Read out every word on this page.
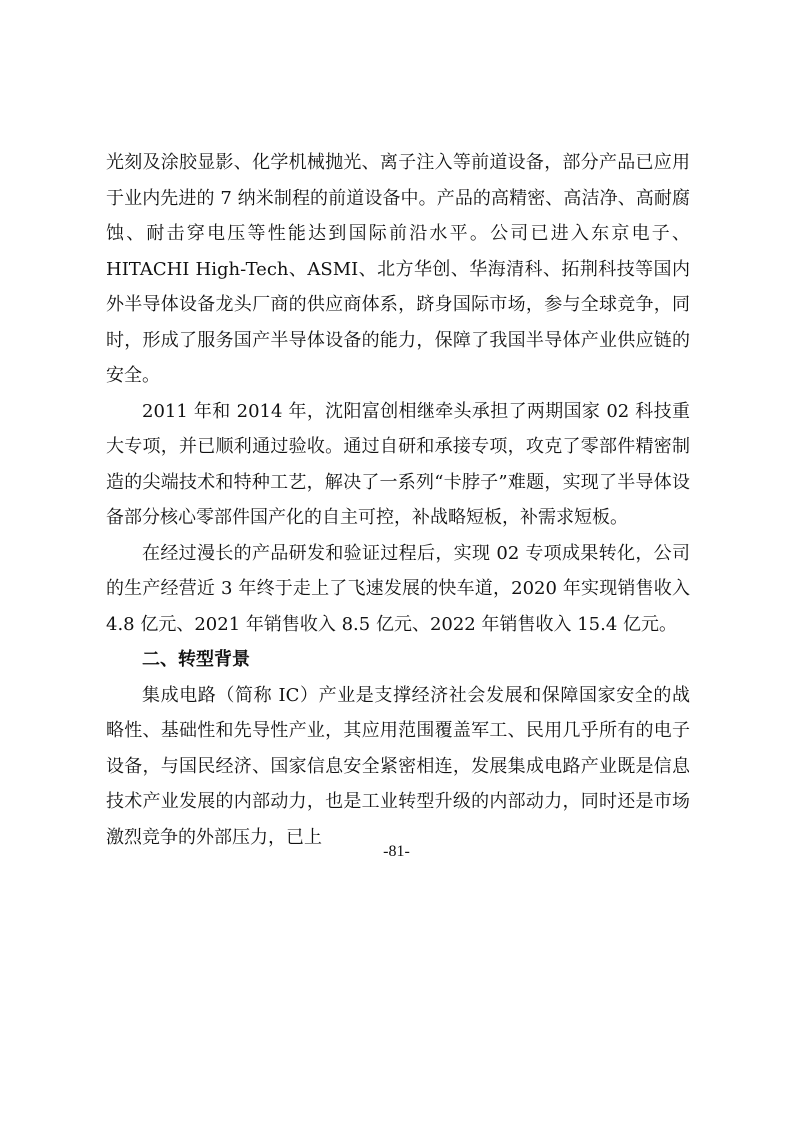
光刻及涂胶显影、化学机械抛光、离子注入等前道设备，部分产品已应用于业内先进的 7 纳米制程的前道设备中。产品的高精密、高洁净、高耐腐蚀、耐击穿电压等性能达到国际前沿水平。公司已进入东京电子、HITACHI High-Tech、ASMI、北方华创、华海清科、拓荆科技等国内外半导体设备龙头厂商的供应商体系，跻身国际市场，参与全球竞争，同时，形成了服务国产半导体设备的能力，保障了我国半导体产业供应链的安全。

2011 年和 2014 年，沈阳富创相继牵头承担了两期国家 02 科技重大专项，并已顺利通过验收。通过自研和承接专项，攻克了零部件精密制造的尖端技术和特种工艺，解决了一系列“卡脖子”难题，实现了半导体设备部分核心零部件国产化的自主可控，补战略短板，补需求短板。

在经过漫长的产品研发和验证过程后，实现 02 专项成果转化，公司的生产经营近 3 年终于走上了飞速发展的快车道，2020 年实现销售收入 4.8 亿元、2021 年销售收入 8.5 亿元、2022 年销售收入 15.4 亿元。

二、转型背景

集成电路（简称 IC）产业是支撑经济社会发展和保障国家安全的战略性、基础性和先导性产业，其应用范围覆盖军工、民用几乎所有的电子设备，与国民经济、国家信息安全紧密相连，发展集成电路产业既是信息技术产业发展的内部动力，也是工业转型升级的内部动力，同时还是市场激烈竞争的外部压力，已上

-81-
